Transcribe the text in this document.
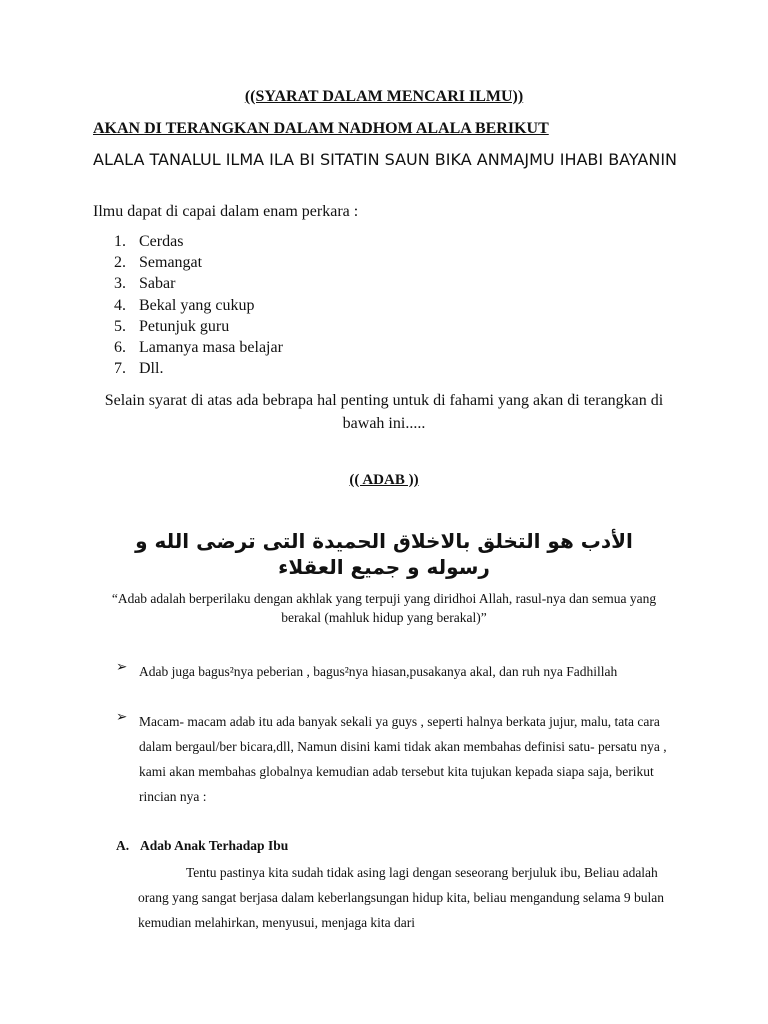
((SYARAT DALAM MENCARI ILMU))
AKAN DI TERANGKAN DALAM NADHOM ALALA BERIKUT
ALALA TANALUL ILMA ILA BI SITATIN SAUN BIKA ANMAJMU IHABI BAYANIN
Ilmu dapat di capai dalam enam perkara :
1. Cerdas
2. Semangat
3. Sabar
4. Bekal yang cukup
5. Petunjuk guru
6. Lamanya masa belajar
7. Dll.
Selain syarat di atas ada bebrapa hal penting untuk di fahami yang akan di terangkan di bawah ini.....
(( ADAB ))
الأدب هو التخلق بالاخلاق الحميدة التى ترضى الله و رسوله و جميع العقلاء
“Adab adalah berperilaku dengan akhlak yang terpuji yang diridhoi Allah, rasul-nya dan semua yang berakal (mahluk hidup yang berakal)”
➢ Adab juga bagus²nya peberian , bagus²nya hiasan,pusakanya akal, dan ruh nya Fadhillah
➢ Macam- macam adab itu ada banyak sekali ya guys , seperti halnya berkata jujur, malu, tata cara dalam bergaul/ber bicara,dll, Namun disini kami tidak akan membahas definisi satu- persatu nya , kami akan membahas globalnya kemudian adab tersebut kita tujukan kepada siapa saja, berikut rincian nya :
A. Adab Anak Terhadap Ibu
Tentu pastinya kita sudah tidak asing lagi dengan seseorang berjuluk ibu, Beliau adalah orang yang sangat berjasa dalam keberlangsungan hidup kita, beliau mengandung selama 9 bulan kemudian melahirkan, menyusui, menjaga kita dari
